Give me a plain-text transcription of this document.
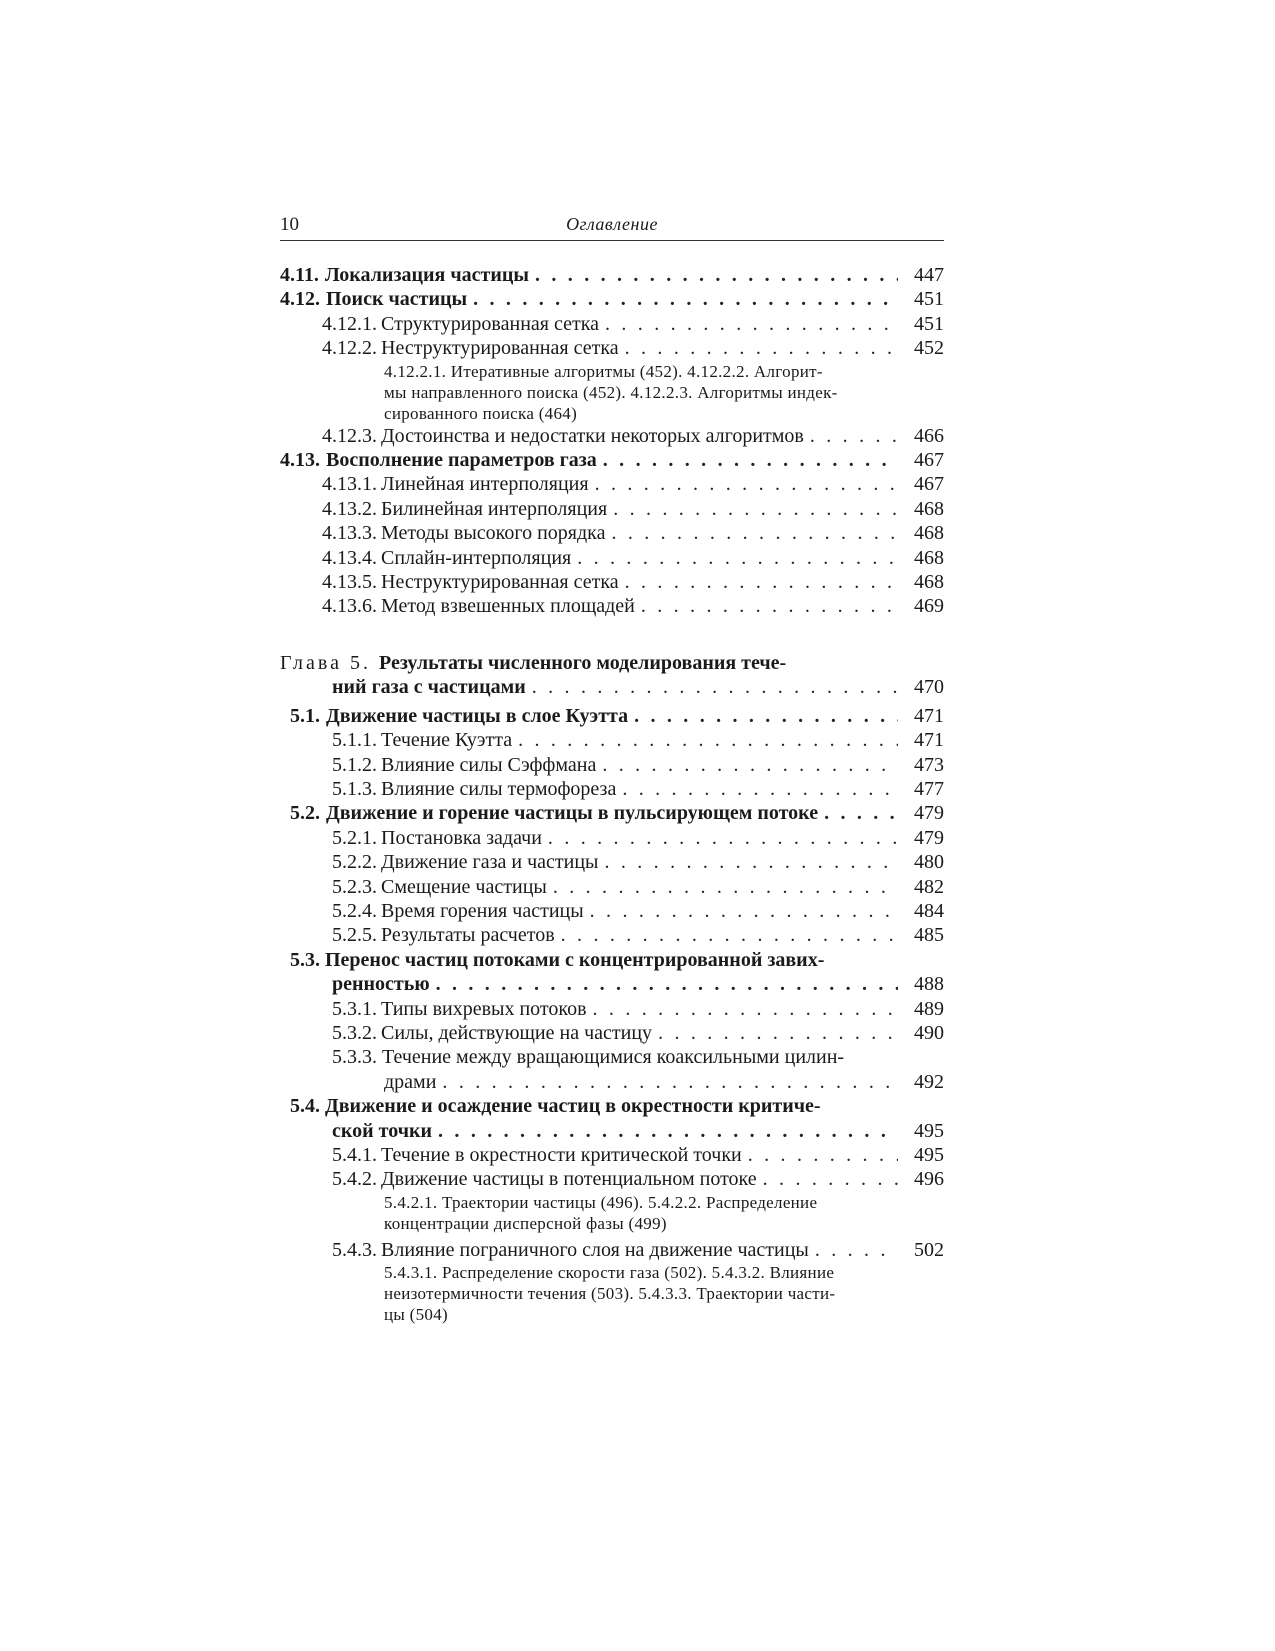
10	Оглавление
4.11. Локализация частицы . . .	447
4.12. Поиск частицы . . .	451
4.12.1. Структурированная сетка . . .	451
4.12.2. Неструктурированная сетка . . .	452
4.12.2.1. Итеративные алгоритмы (452). 4.12.2.2. Алгорит-
мы направленного поиска (452). 4.12.2.3. Алгоритмы индек-
сированного поиска (464)
4.12.3. Достоинства и недостатки некоторых алгоритмов . . .	466
4.13. Восполнение параметров газа . . .	467
4.13.1. Линейная интерполяция . . .	467
4.13.2. Билинейная интерполяция . . .	468
4.13.3. Методы высокого порядка . . .	468
4.13.4. Сплайн-интерполяция . . .	468
4.13.5. Неструктурированная сетка . . .	468
4.13.6. Метод взвешенных площадей . . .	469
Глава 5. Результаты численного моделирования тече-
ний газа с частицами . . .	470
5.1. Движение частицы в слое Куэтта . . .	471
5.1.1. Течение Куэтта . . .	471
5.1.2. Влияние силы Сэффмана . . .	473
5.1.3. Влияние силы термофореза . . .	477
5.2. Движение и горение частицы в пульсирующем потоке . . .	479
5.2.1. Постановка задачи . . .	479
5.2.2. Движение газа и частицы . . .	480
5.2.3. Смещение частицы . . .	482
5.2.4. Время горения частицы . . .	484
5.2.5. Результаты расчетов . . .	485
5.3. Перенос частиц потоками с концентрированной завих-
ренностью . . .	488
5.3.1. Типы вихревых потоков . . .	489
5.3.2. Силы, действующие на частицу . . .	490
5.3.3. Течение между вращающимися коаксильными цилин-
драми . . .	492
5.4. Движение и осаждение частиц в окрестности критиче-
ской точки . . .	495
5.4.1. Течение в окрестности критической точки . . .	495
5.4.2. Движение частицы в потенциальном потоке . . .	496
5.4.2.1. Траектории частицы (496). 5.4.2.2. Распределение
концентрации дисперсной фазы (499)
5.4.3. Влияние пограничного слоя на движение частицы . . .	502
5.4.3.1. Распределение скорости газа (502). 5.4.3.2. Влияние
неизотермичности течения (503). 5.4.3.3. Траектории части-
цы (504)
